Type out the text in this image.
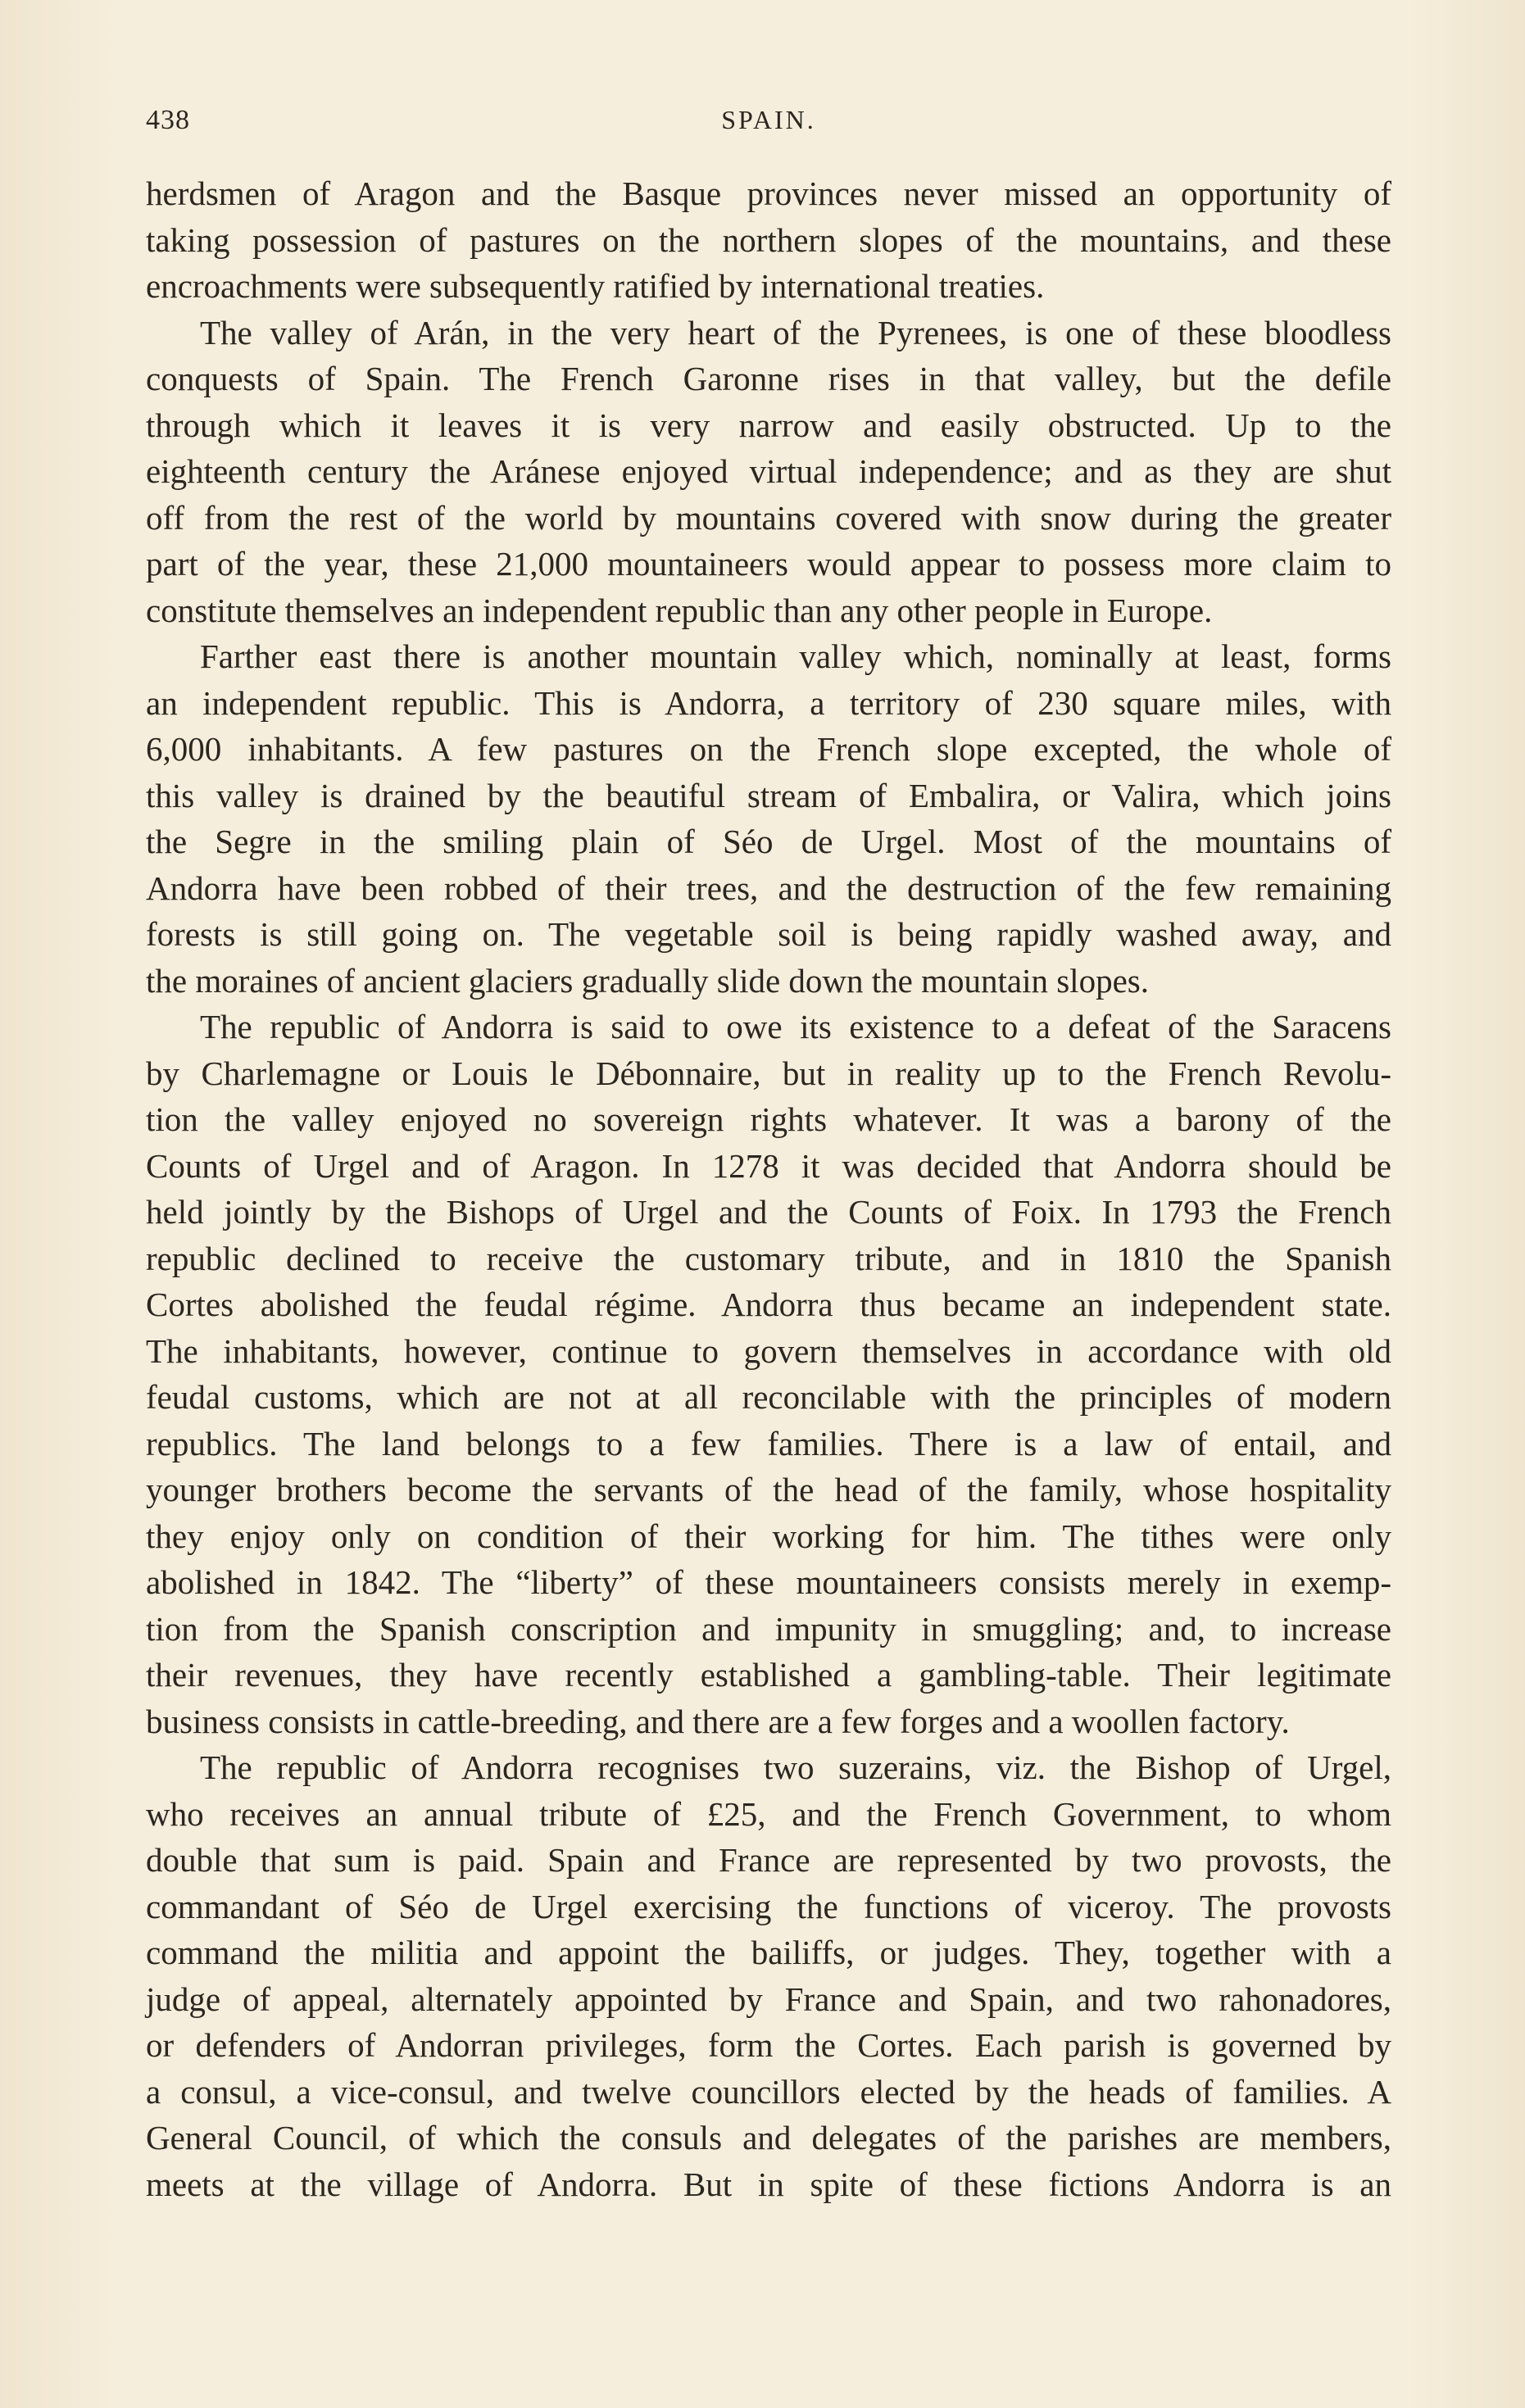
438	SPAIN.

herdsmen of Aragon and the Basque provinces never missed an opportunity of

taking possession of pastures on the northern slopes of the mountains, and these

encroachments were subsequently ratified by international treaties.

The valley of Arán, in the very heart of the Pyrenees, is one of these bloodless

conquests of Spain. The French Garonne rises in that valley, but the defile

through which it leaves it is very narrow and easily obstructed. Up to the

eighteenth century the Aránese enjoyed virtual independence; and as they are shut

off from the rest of the world by mountains covered with snow during the greater

part of the year, these 21,000 mountaineers would appear to possess more claim to

constitute themselves an independent republic than any other people in Europe.

Farther east there is another mountain valley which, nominally at least, forms

an independent republic. This is Andorra, a territory of 230 square miles, with

6,000 inhabitants. A few pastures on the French slope excepted, the whole of

this valley is drained by the beautiful stream of Embalira, or Valira, which joins

the Segre in the smiling plain of Séo de Urgel. Most of the mountains of

Andorra have been robbed of their trees, and the destruction of the few remaining

forests is still going on. The vegetable soil is being rapidly washed away, and

the moraines of ancient glaciers gradually slide down the mountain slopes.

The republic of Andorra is said to owe its existence to a defeat of the Saracens

by Charlemagne or Louis le Débonnaire, but in reality up to the French Revolu-

tion the valley enjoyed no sovereign rights whatever. It was a barony of the

Counts of Urgel and of Aragon. In 1278 it was decided that Andorra should be

held jointly by the Bishops of Urgel and the Counts of Foix. In 1793 the French

republic declined to receive the customary tribute, and in 1810 the Spanish

Cortes abolished the feudal régime. Andorra thus became an independent state.

The inhabitants, however, continue to govern themselves in accordance with old

feudal customs, which are not at all reconcilable with the principles of modern

republics. The land belongs to a few families. There is a law of entail, and

younger brothers become the servants of the head of the family, whose hospitality

they enjoy only on condition of their working for him. The tithes were only

abolished in 1842. The “liberty” of these mountaineers consists merely in exemp-

tion from the Spanish conscription and impunity in smuggling; and, to increase

their revenues, they have recently established a gambling-table. Their legitimate

business consists in cattle-breeding, and there are a few forges and a woollen factory.

The republic of Andorra recognises two suzerains, viz. the Bishop of Urgel,

who receives an annual tribute of £25, and the French Government, to whom

double that sum is paid. Spain and France are represented by two provosts, the

commandant of Séo de Urgel exercising the functions of viceroy. The provosts

command the militia and appoint the bailiffs, or judges. They, together with a

judge of appeal, alternately appointed by France and Spain, and two rahonadores,

or defenders of Andorran privileges, form the Cortes. Each parish is governed by

a consul, a vice-consul, and twelve councillors elected by the heads of families. A

General Council, of which the consuls and delegates of the parishes are members,

meets at the village of Andorra. But in spite of these fictions Andorra is an
